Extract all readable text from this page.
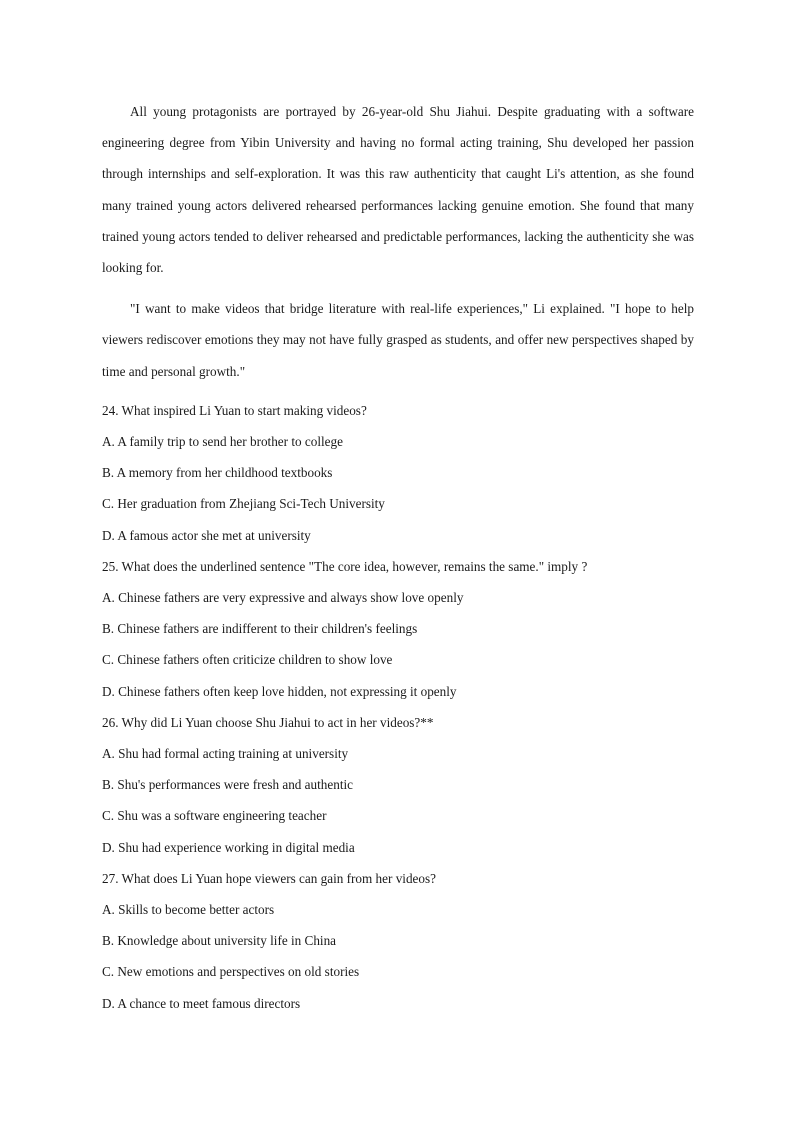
All young protagonists are portrayed by 26-year-old Shu Jiahui. Despite graduating with a software engineering degree from Yibin University and having no formal acting training, Shu developed her passion through internships and self-exploration. It was this raw authenticity that caught Li's attention, as she found many trained young actors delivered rehearsed performances lacking genuine emotion. She found that many trained young actors tended to deliver rehearsed and predictable performances, lacking the authenticity she was looking for.

"I want to make videos that bridge literature with real-life experiences," Li explained. "I hope to help viewers rediscover emotions they may not have fully grasped as students, and offer new perspectives shaped by time and personal growth."

24. What inspired Li Yuan to start making videos?

A. A family trip to send her brother to college

B. A memory from her childhood textbooks

C. Her graduation from Zhejiang Sci-Tech University

D. A famous actor she met at university

25. What does the underlined sentence "The core idea, however, remains the same." imply ?

A. Chinese fathers are very expressive and always show love openly

B. Chinese fathers are indifferent to their children's feelings

C. Chinese fathers often criticize children to show love

D. Chinese fathers often keep love hidden, not expressing it openly

26. Why did Li Yuan choose Shu Jiahui to act in her videos?**

A. Shu had formal acting training at university

B. Shu's performances were fresh and authentic

C. Shu was a software engineering teacher

D. Shu had experience working in digital media

27. What does Li Yuan hope viewers can gain from her videos?

A. Skills to become better actors

B. Knowledge about university life in China

C. New emotions and perspectives on old stories

D. A chance to meet famous directors
